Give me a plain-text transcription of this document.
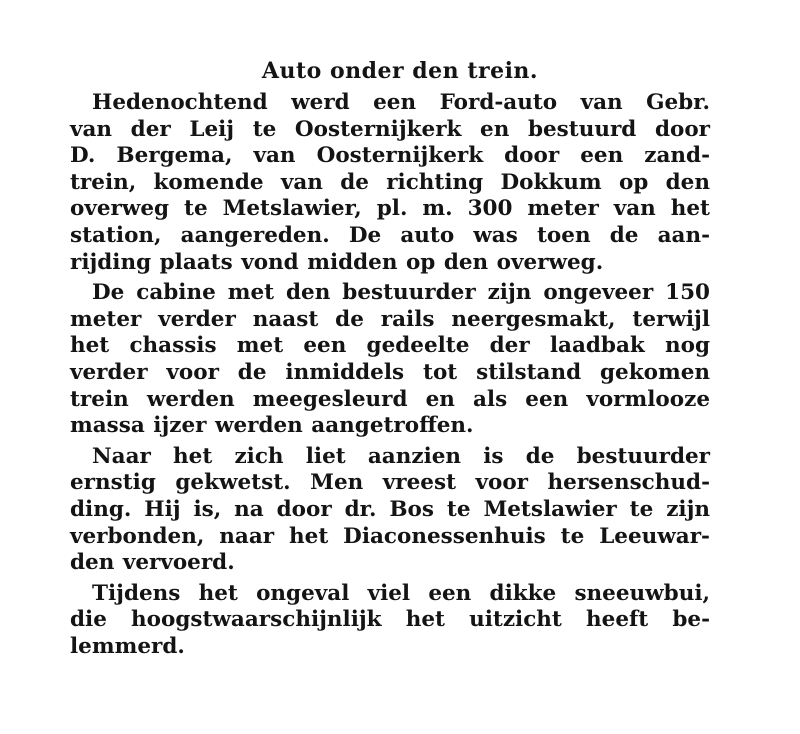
Auto onder den trein.
Hedenochtend werd een Ford-auto van Gebr.
van der Leij te Oosternijkerk en bestuurd door
D. Bergema, van Oosternijkerk door een zand-
trein, komende van de richting Dokkum op den
overweg te Metslawier, pl. m. 300 meter van het
station, aangereden. De auto was toen de aan-
rijding plaats vond midden op den overweg.
De cabine met den bestuurder zijn ongeveer 150
meter verder naast de rails neergesmakt, terwijl
het chassis met een gedeelte der laadbak nog
verder voor de inmiddels tot stilstand gekomen
trein werden meegesleurd en als een vormlooze
massa ijzer werden aangetroffen.
Naar het zich liet aanzien is de bestuurder
ernstig gekwetst. Men vreest voor hersenschud-
ding. Hij is, na door dr. Bos te Metslawier te zijn
verbonden, naar het Diaconessenhuis te Leeuwar-
den vervoerd.
Tijdens het ongeval viel een dikke sneeuwbui,
die hoogstwaarschijnlijk het uitzicht heeft be-
lemmerd.
